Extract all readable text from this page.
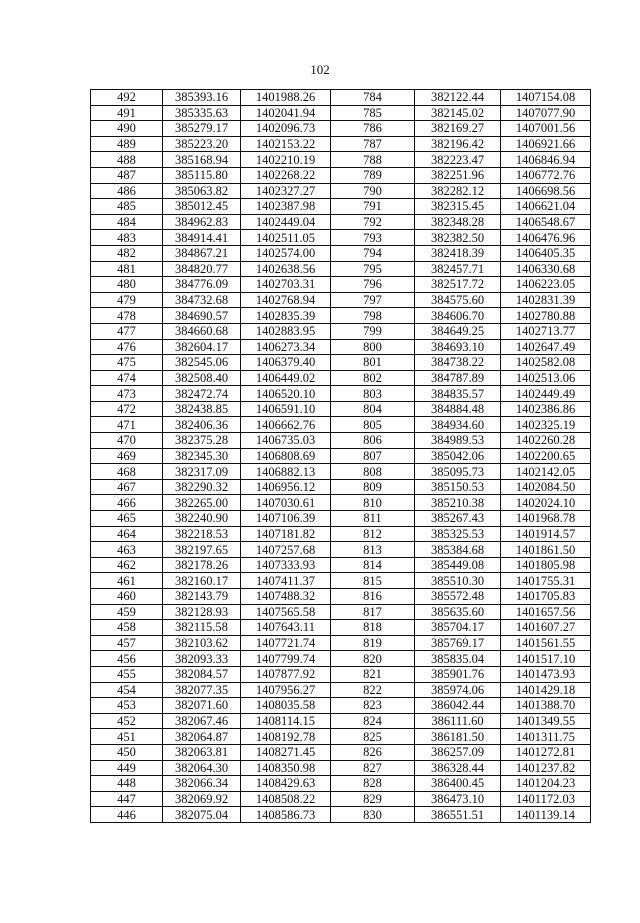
102
492	385393.16	1401988.26	784	382122.44	1407154.08
491	385335.63	1402041.94	785	382145.02	1407077.90
490	385279.17	1402096.73	786	382169.27	1407001.56
489	385223.20	1402153.22	787	382196.42	1406921.66
488	385168.94	1402210.19	788	382223.47	1406846.94
487	385115.80	1402268.22	789	382251.96	1406772.76
486	385063.82	1402327.27	790	382282.12	1406698.56
485	385012.45	1402387.98	791	382315.45	1406621.04
484	384962.83	1402449.04	792	382348.28	1406548.67
483	384914.41	1402511.05	793	382382.50	1406476.96
482	384867.21	1402574.00	794	382418.39	1406405.35
481	384820.77	1402638.56	795	382457.71	1406330.68
480	384776.09	1402703.31	796	382517.72	1406223.05
479	384732.68	1402768.94	797	384575.60	1402831.39
478	384690.57	1402835.39	798	384606.70	1402780.88
477	384660.68	1402883.95	799	384649.25	1402713.77
476	382604.17	1406273.34	800	384693.10	1402647.49
475	382545.06	1406379.40	801	384738.22	1402582.08
474	382508.40	1406449.02	802	384787.89	1402513.06
473	382472.74	1406520.10	803	384835.57	1402449.49
472	382438.85	1406591.10	804	384884.48	1402386.86
471	382406.36	1406662.76	805	384934.60	1402325.19
470	382375.28	1406735.03	806	384989.53	1402260.28
469	382345.30	1406808.69	807	385042.06	1402200.65
468	382317.09	1406882.13	808	385095.73	1402142.05
467	382290.32	1406956.12	809	385150.53	1402084.50
466	382265.00	1407030.61	810	385210.38	1402024.10
465	382240.90	1407106.39	811	385267.43	1401968.78
464	382218.53	1407181.82	812	385325.53	1401914.57
463	382197.65	1407257.68	813	385384.68	1401861.50
462	382178.26	1407333.93	814	385449.08	1401805.98
461	382160.17	1407411.37	815	385510.30	1401755.31
460	382143.79	1407488.32	816	385572.48	1401705.83
459	382128.93	1407565.58	817	385635.60	1401657.56
458	382115.58	1407643.11	818	385704.17	1401607.27
457	382103.62	1407721.74	819	385769.17	1401561.55
456	382093.33	1407799.74	820	385835.04	1401517.10
455	382084.57	1407877.92	821	385901.76	1401473.93
454	382077.35	1407956.27	822	385974.06	1401429.18
453	382071.60	1408035.58	823	386042.44	1401388.70
452	382067.46	1408114.15	824	386111.60	1401349.55
451	382064.87	1408192.78	825	386181.50	1401311.75
450	382063.81	1408271.45	826	386257.09	1401272.81
449	382064.30	1408350.98	827	386328.44	1401237.82
448	382066.34	1408429.63	828	386400.45	1401204.23
447	382069.92	1408508.22	829	386473.10	1401172.03
446	382075.04	1408586.73	830	386551.51	1401139.14
